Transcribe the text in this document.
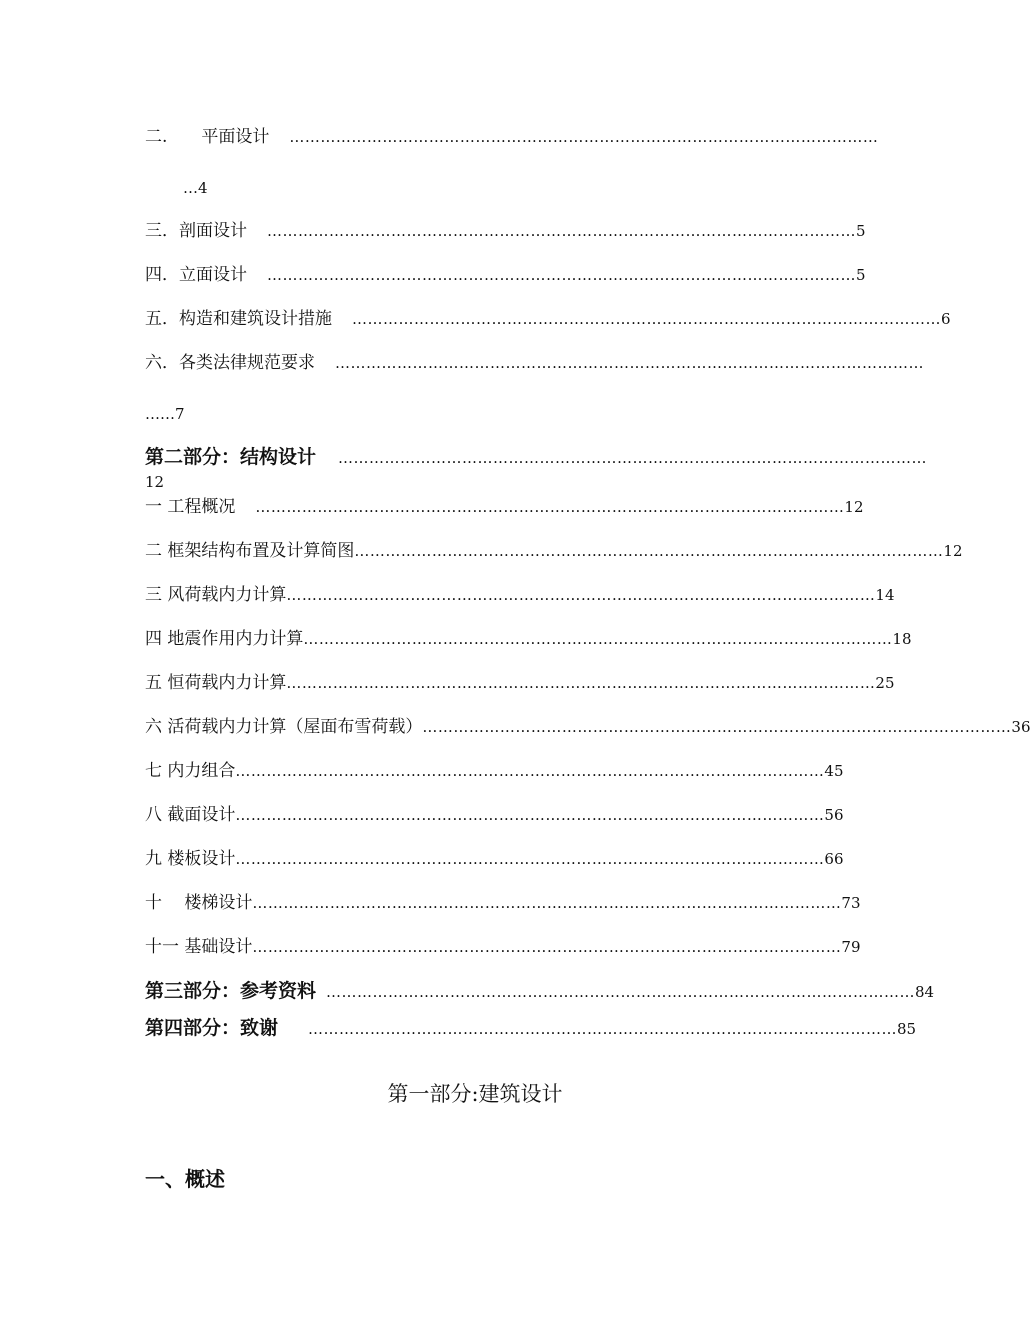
二.　　平面设计 ……………………………………………………………………………………………………
…4
三．剖面设计 …………………………………………………………………………………………………… 5
四．立面设计 …………………………………………………………………………………………………… 5
五．构造和建筑设计措施 …………………………………………………………………………………………………… 6
六．各类法律规范要求 ……………………………………………………………………………………………………
……7
第二部分：结构设计 ……………………………………………………………………………………………………
12
一 工程概况 …………………………………………………………………………………………………… 12
二 框架结构布置及计算简图 …………………………………………………………………………………………………… 12
三 风荷载内力计算 …………………………………………………………………………………………………… 14
四 地震作用内力计算 …………………………………………………………………………………………………… 18
五 恒荷载内力计算 …………………………………………………………………………………………………… 25
六 活荷载内力计算（屋面布雪荷载） …………………………………………………………………………………………………… 36
七 内力组合 …………………………………………………………………………………………………… 45
八 截面设计 …………………………………………………………………………………………………… 56
九 楼板设计 …………………………………………………………………………………………………… 66
十　 楼梯设计 …………………………………………………………………………………………………… 73
十一 基础设计 …………………………………………………………………………………………………… 79
第三部分：参考资料 …………………………………………………………………………………………………… 84
第四部分：致谢 …………………………………………………………………………………………………… 85
第一部分:建筑设计
一、概述
